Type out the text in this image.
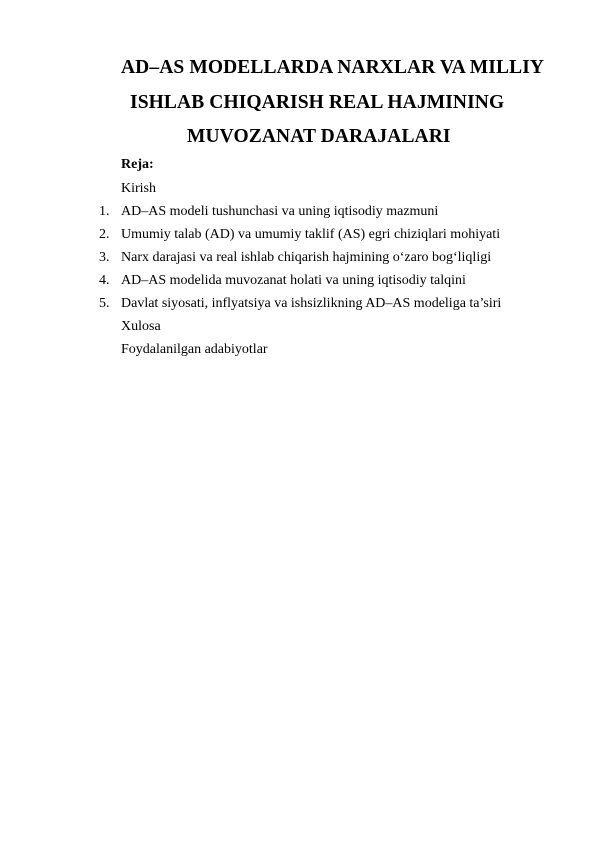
AD–AS MODELLARDA NARXLAR VA MILLIY
ISHLAB CHIQARISH REAL HAJMINING
MUVOZANAT DARAJALARI
Reja:
Kirish
1. AD–AS modeli tushunchasi va uning iqtisodiy mazmuni
2. Umumiy talab (AD) va umumiy taklif (AS) egri chiziqlari mohiyati
3. Narx darajasi va real ishlab chiqarish hajmining o‘zaro bog‘liqligi
4. AD–AS modelida muvozanat holati va uning iqtisodiy talqini
5. Davlat siyosati, inflyatsiya va ishsizlikning AD–AS modeliga ta’siri
Xulosa
Foydalanilgan adabiyotlar
